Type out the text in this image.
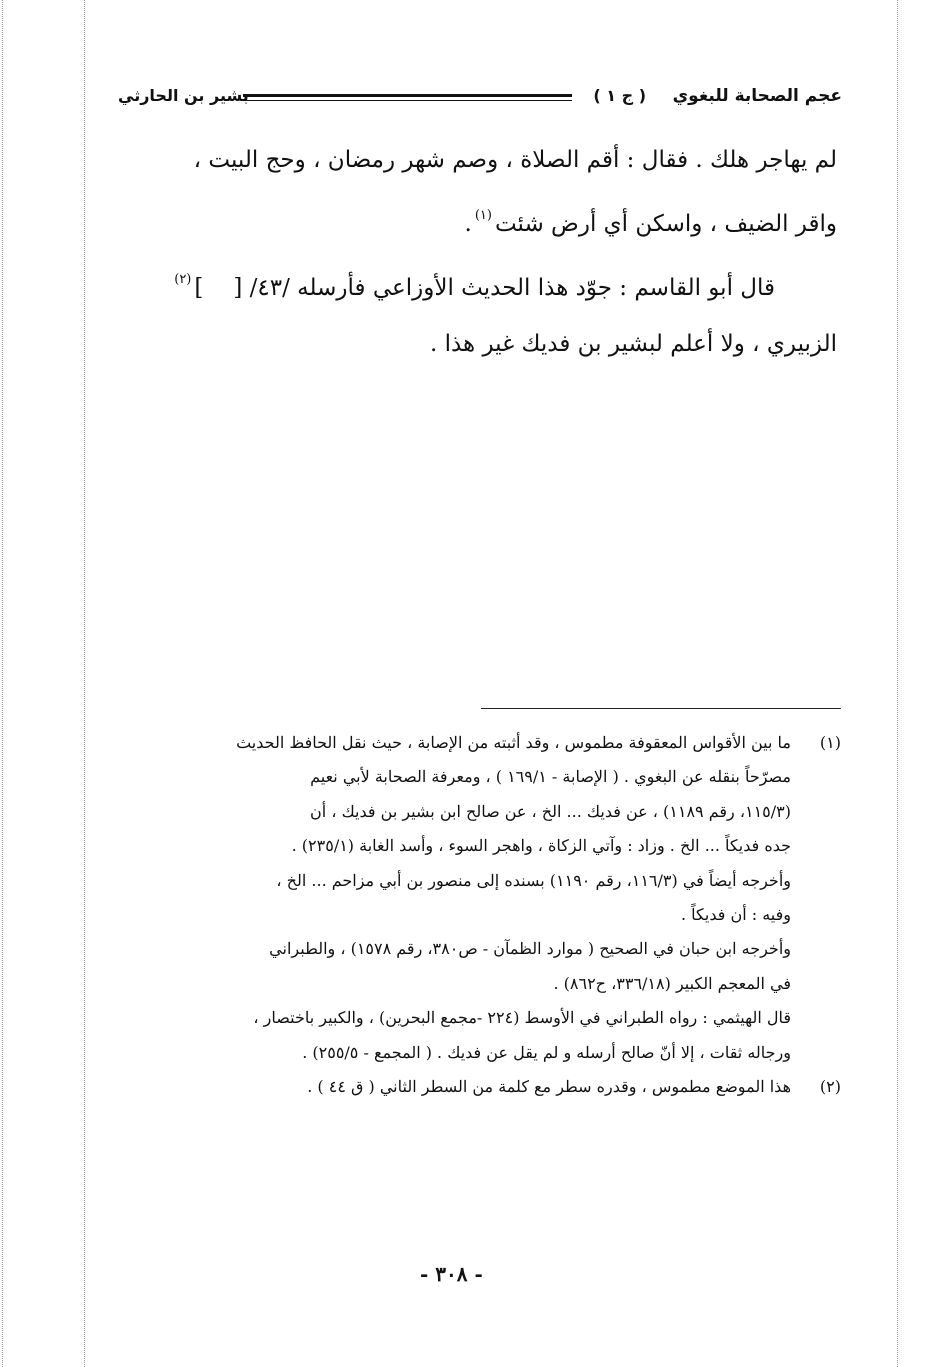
عجم الصحابة للبغوي
( ج ١ )
بشير بن الحارثي

لم يهاجر هلك . فقال : أقم الصلاة ، وصم شهر رمضان ، وحج البيت ،

واقر الضيف ، واسكن أي أرض شئت$^{(١)}$.

قال أبو القاسم : جوّد هذا الحديث الأوزاعي فأرسله /٤٣/ []$^{(٢)}$

الزبيري ، ولا أعلم لبشير بن فديك غير هذا .

(١)
ما بين الأقواس المعقوفة مطموس ، وقد أثبته من الإصابة ، حيث نقل الحافظ الحديث
مصرّحاً بنقله عن البغوي . ( الإصابة - ١٦٩/١ ) ، ومعرفة الصحابة لأبي نعيم
(١١٥/٣، رقم ١١٨٩) ، عن فديك ... الخ ، عن صالح ابن بشير بن فديك ، أن
جده فديكاً ... الخ . وزاد : وآتي الزكاة ، واهجر السوء ، وأسد الغابة (٢٣٥/١) .
وأخرجه أيضاً في (١١٦/٣، رقم ١١٩٠) بسنده إلى منصور بن أبي مزاحم ... الخ ،
وفيه : أن فديكاً .
وأخرجه ابن حبان في الصحيح ( موارد الظمآن - ص٣٨٠، رقم ١٥٧٨) ، والطبراني
في المعجم الكبير (٣٣٦/١٨، ح٨٦٢) .
قال الهيثمي : رواه الطبراني في الأوسط (٢٢٤ -مجمع البحرين) ، والكبير باختصار ،
ورجاله ثقات ، إلا أنّ صالح أرسله و لم يقل عن فديك . ( المجمع - ٢٥٥/٥) .
(٢)
هذا الموضع مطموس ، وقدره سطر مع كلمة من السطر الثاني ( ق ٤٤ ) .
- ٣٠٨ -
